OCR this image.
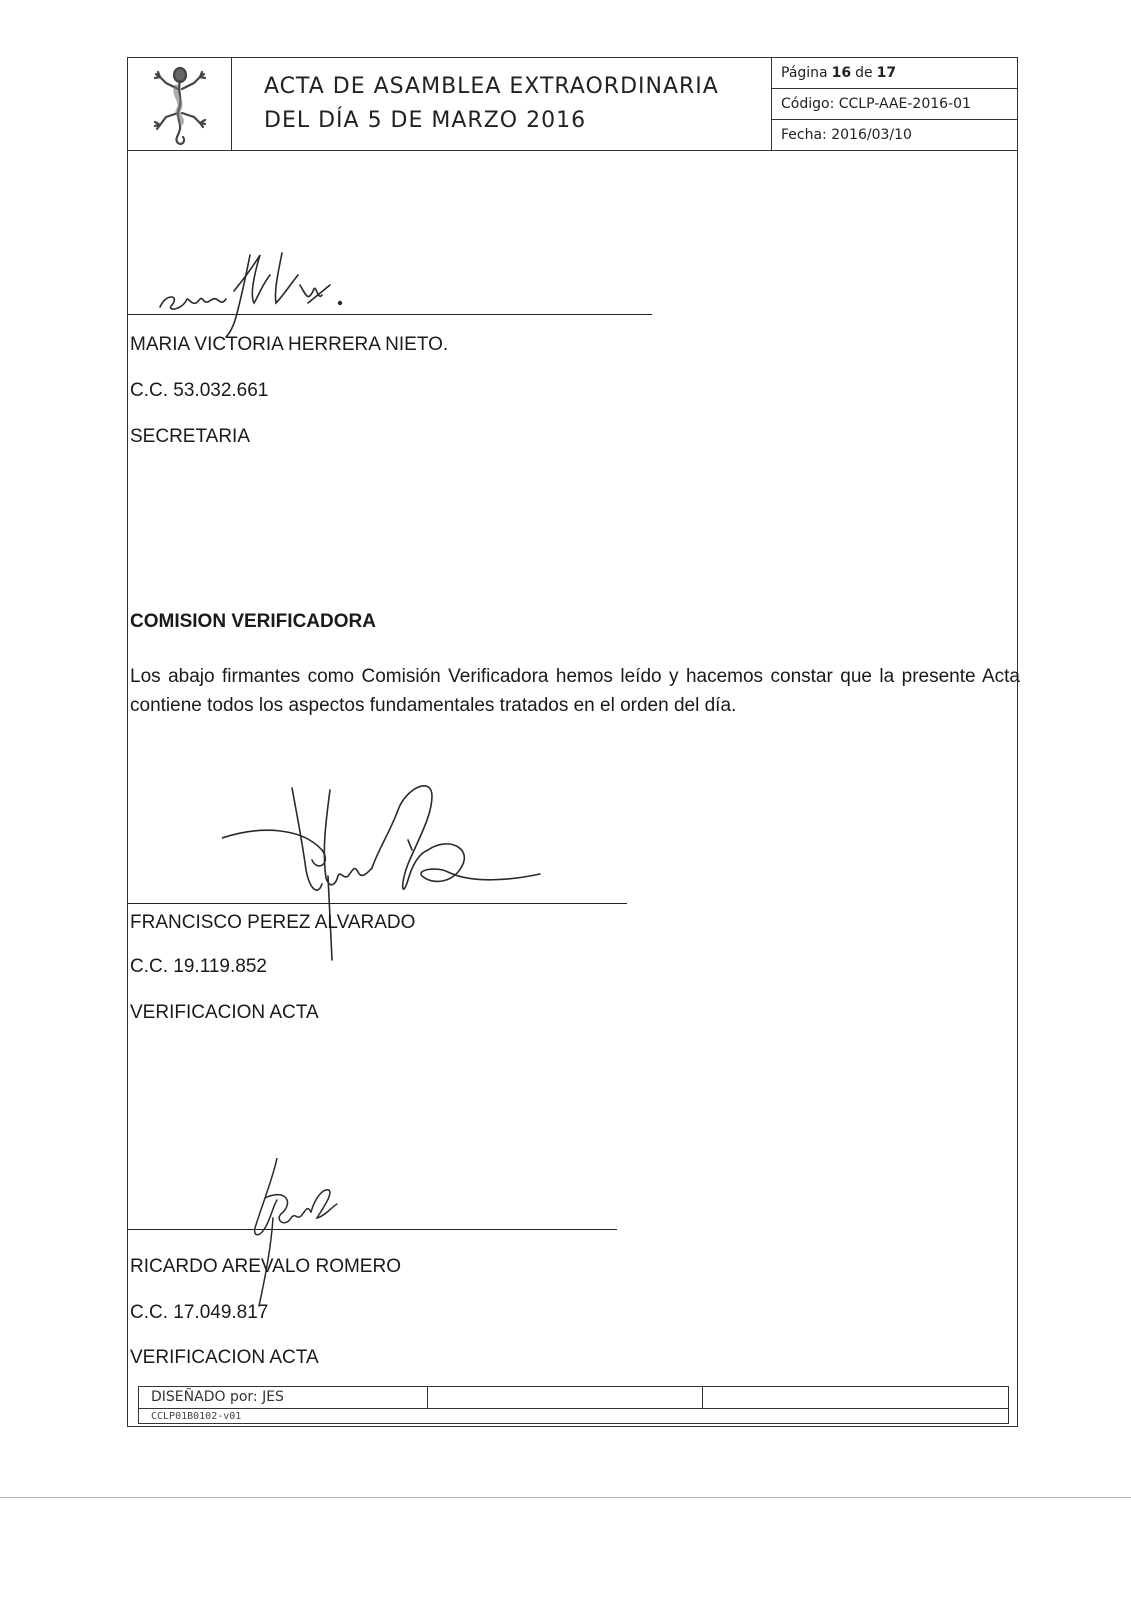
ACTA DE ASAMBLEA EXTRAORDINARIA
DEL DÍA 5 DE MARZO 2016
Página 16 de 17
Código: CCLP-AAE-2016-01
Fecha: 2016/03/10
MARIA VICTORIA HERRERA NIETO.
C.C. 53.032.661
SECRETARIA
COMISION VERIFICADORA
Los abajo firmantes como Comisión Verificadora hemos leído y hacemos constar que la presente Acta contiene todos los aspectos fundamentales tratados en el orden del día.
FRANCISCO PEREZ ALVARADO
C.C. 19.119.852
VERIFICACION ACTA
RICARDO AREVALO ROMERO
C.C. 17.049.817
VERIFICACION ACTA
DISEÑADO por: JES
CCLP01B0102-v01
